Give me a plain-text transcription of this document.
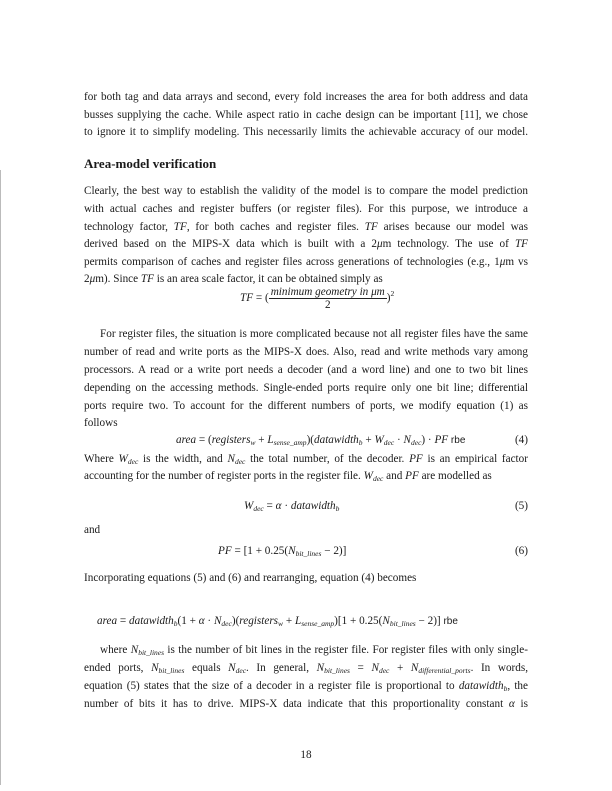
for both tag and data arrays and second, every fold increases the area for both address and data
busses supplying the cache. While aspect ratio in cache design can be important [11], we chose
to ignore it to simplify modeling. This necessarily limits the achievable accuracy of our model.
Area-model verification
Clearly, the best way to establish the validity of the model is to compare the model prediction
with actual caches and register buffers (or register files). For this purpose, we introduce a
technology factor, TF, for both caches and register files. TF arises because our model was
derived based on the MIPS-X data which is built with a 2μm technology. The use of TF
permits comparison of caches and register files across generations of technologies (e.g., 1μm vs
2μm). Since TF is an area scale factor, it can be obtained simply as
TF = ( $\frac{\text{minimum geometry in μm}}{2} )^2$
For register files, the situation is more complicated because not all register files have the same
number of read and write ports as the MIPS-X does. Also, read and write methods vary among
processors. A read or a write port needs a decoder (and a word line) and one to two bit lines
depending on the accessing methods. Single-ended ports require only one bit line; differential
ports require two. To account for the different numbers of ports, we modify equation (1) as
follows
area = (registersw + Lsense_amp)(datawidthb + Wdec · Ndec) · PF rbe	(4)
Where Wdec is the width, and Ndec the total number, of the decoder. PF is an empirical factor
accounting for the number of register ports in the register file. Wdec and PF are modelled as
Wdec = α · datawidthb	(5)
and
PF = [1 + 0.25(Nbit_lines − 2)]	(6)
Incorporating equations (5) and (6) and rearranging, equation (4) becomes
area = datawidthb(1 + α · Ndec)(registersw + Lsense_amp)[1 + 0.25(Nbit_lines − 2)] rbe
where Nbit_lines is the number of bit lines in the register file. For register files with only single-
ended ports, Nbit_lines equals Ndec. In general, Nbit_lines = Ndec + Ndifferential_ports. In words,
equation (5) states that the size of a decoder in a register file is proportional to datawidthb, the
number of bits it has to drive. MIPS-X data indicate that this proportionality constant α is
18
